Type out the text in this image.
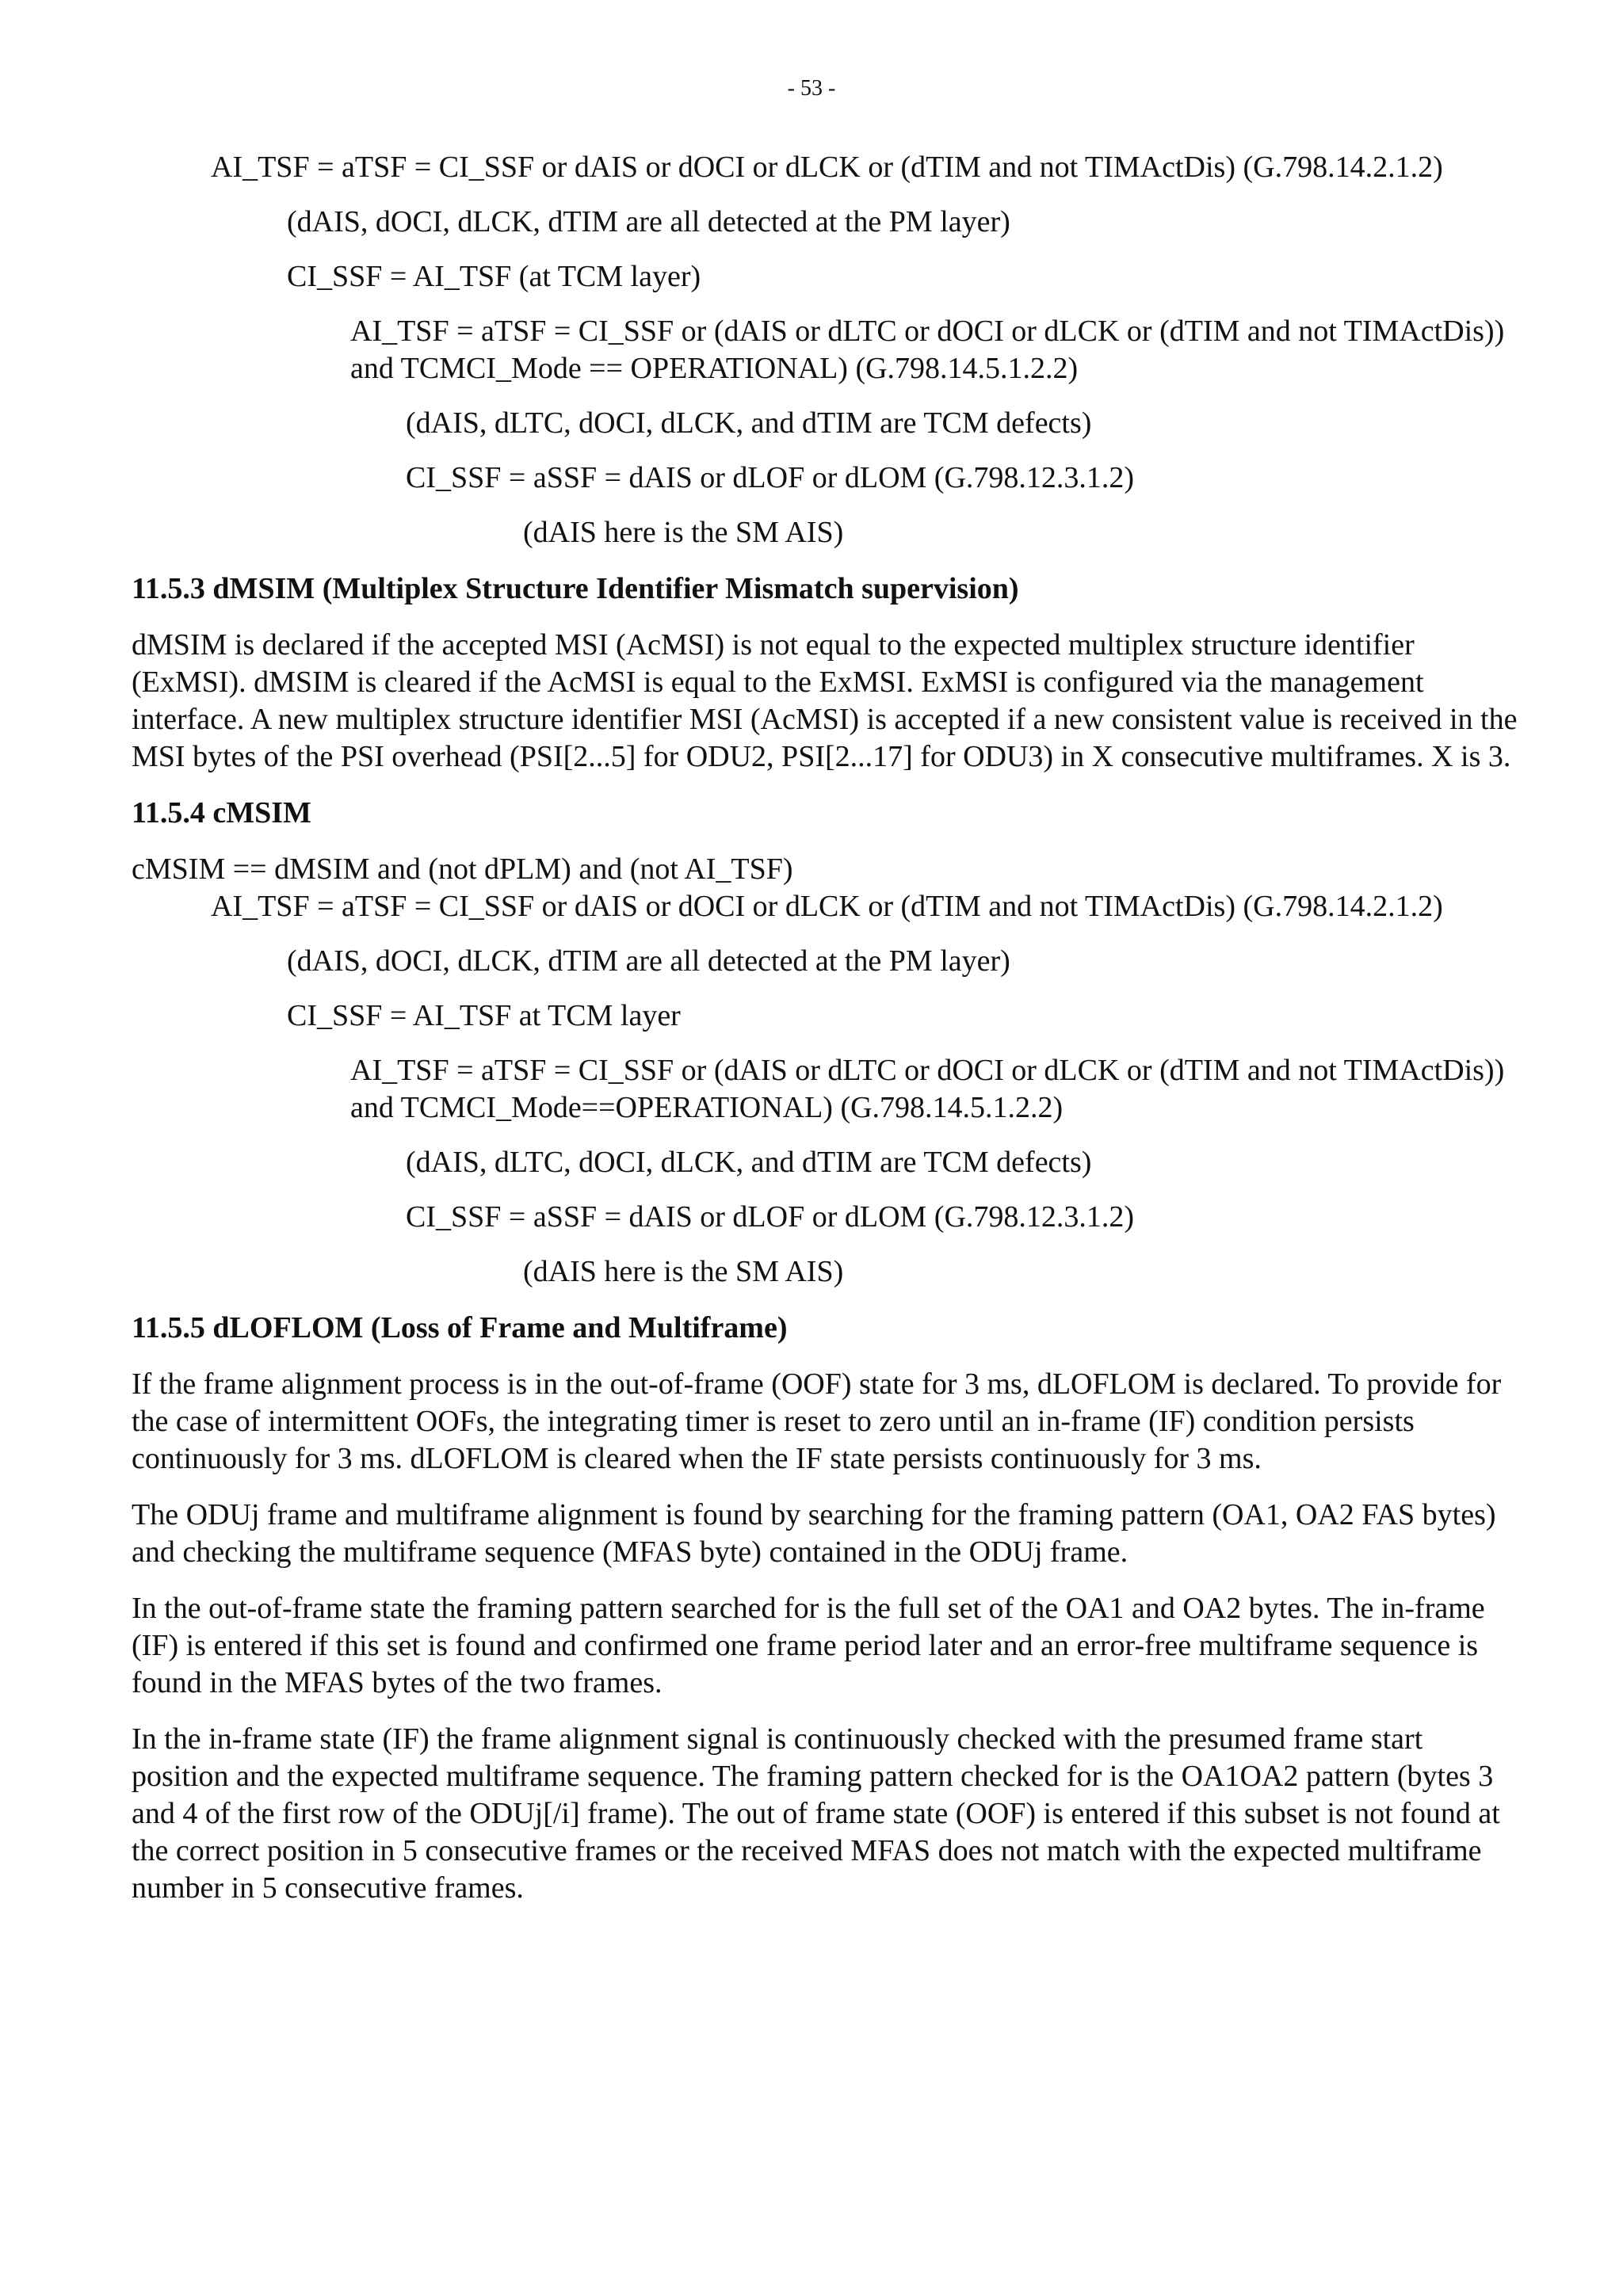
- 53 -

AI_TSF = aTSF = CI_SSF or dAIS or dOCI or dLCK or (dTIM and not TIMActDis) (G.798.14.2.1.2)

(dAIS, dOCI, dLCK, dTIM are all detected at the PM layer)

CI_SSF = AI_TSF (at TCM layer)

AI_TSF = aTSF = CI_SSF or (dAIS or dLTC or dOCI or dLCK or (dTIM and not TIMActDis)) and TCMCI_Mode == OPERATIONAL) (G.798.14.5.1.2.2)

(dAIS, dLTC, dOCI, dLCK, and dTIM are TCM defects)

CI_SSF = aSSF = dAIS or dLOF or dLOM (G.798.12.3.1.2)

(dAIS here is the SM AIS)

11.5.3 dMSIM (Multiplex Structure Identifier Mismatch supervision)

dMSIM is declared if the accepted MSI (AcMSI) is not equal to the expected multiplex structure identifier (ExMSI). dMSIM is cleared if the AcMSI is equal to the ExMSI. ExMSI is configured via the management interface. A new multiplex structure identifier MSI (AcMSI) is accepted if a new consistent value is received in the MSI bytes of the PSI overhead (PSI[2...5] for ODU2, PSI[2...17] for ODU3) in X consecutive multiframes. X is 3.

11.5.4 cMSIM

cMSIM == dMSIM and (not dPLM) and (not AI_TSF)

AI_TSF = aTSF = CI_SSF or dAIS or dOCI or dLCK or (dTIM and not TIMActDis) (G.798.14.2.1.2)

(dAIS, dOCI, dLCK, dTIM are all detected at the PM layer)

CI_SSF = AI_TSF at TCM layer

AI_TSF = aTSF = CI_SSF or (dAIS or dLTC or dOCI or dLCK or (dTIM and not TIMActDis)) and TCMCI_Mode==OPERATIONAL) (G.798.14.5.1.2.2)

(dAIS, dLTC, dOCI, dLCK, and dTIM are TCM defects)

CI_SSF = aSSF = dAIS or dLOF or dLOM (G.798.12.3.1.2)

(dAIS here is the SM AIS)

11.5.5 dLOFLOM (Loss of Frame and Multiframe)

If the frame alignment process is in the out-of-frame (OOF) state for 3 ms, dLOFLOM is declared. To provide for the case of intermittent OOFs, the integrating timer is reset to zero until an in-frame (IF) condition persists continuously for 3 ms. dLOFLOM is cleared when the IF state persists continuously for 3 ms.

The ODUj frame and multiframe alignment is found by searching for the framing pattern (OA1, OA2 FAS bytes) and checking the multiframe sequence (MFAS byte) contained in the ODUj frame.

In the out-of-frame state the framing pattern searched for is the full set of the OA1 and OA2 bytes. The in-frame (IF) is entered if this set is found and confirmed one frame period later and an error-free multiframe sequence is found in the MFAS bytes of the two frames.

In the in-frame state (IF) the frame alignment signal is continuously checked with the presumed frame start position and the expected multiframe sequence. The framing pattern checked for is the OA1OA2 pattern (bytes 3 and 4 of the first row of the ODUj[/i] frame). The out of frame state (OOF) is entered if this subset is not found at the correct position in 5 consecutive frames or the received MFAS does not match with the expected multiframe number in 5 consecutive frames.
